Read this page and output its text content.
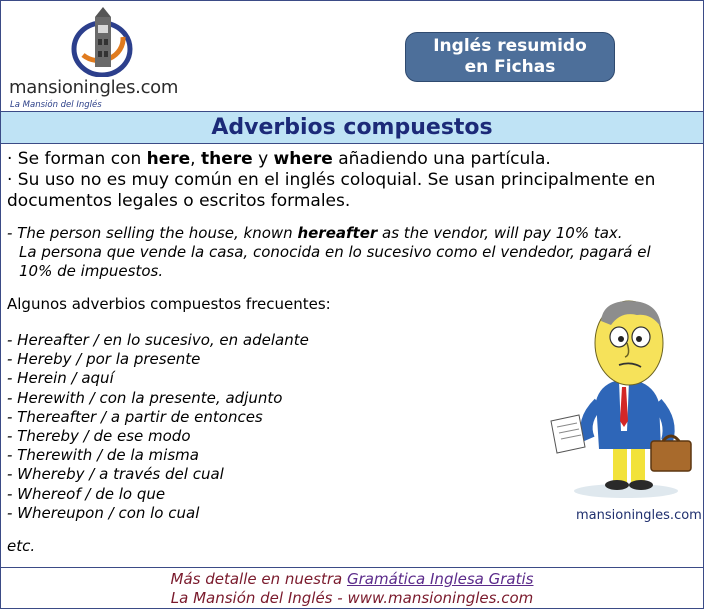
mansioningles.com
La Mansión del Inglés
Inglés resumido
en Fichas
Adverbios compuestos

· Se forman con here, there y where añadiendo una partícula.

· Su uso no es muy común en el inglés coloquial. Se usan principalmente en documentos legales o escritos formales.

- The person selling the house, known hereafter as the vendor, will pay 10% tax.
La persona que vende la casa, conocida en lo sucesivo como el vendedor, pagará el 10% de impuestos.
Algunos adverbios compuestos frecuentes:
- Hereafter / en lo sucesivo, en adelante
- Hereby / por la presente
- Herein / aquí
- Herewith / con la presente, adjunto
- Thereafter / a partir de entonces
- Thereby / de ese modo
- Therewith / de la misma
- Whereby / a través del cual
- Whereof / de lo que
- Whereupon / con lo cual
etc.
mansioningles.com
Más detalle en nuestra Gramática Inglesa Gratis
La Mansión del Inglés - www.mansioningles.com
